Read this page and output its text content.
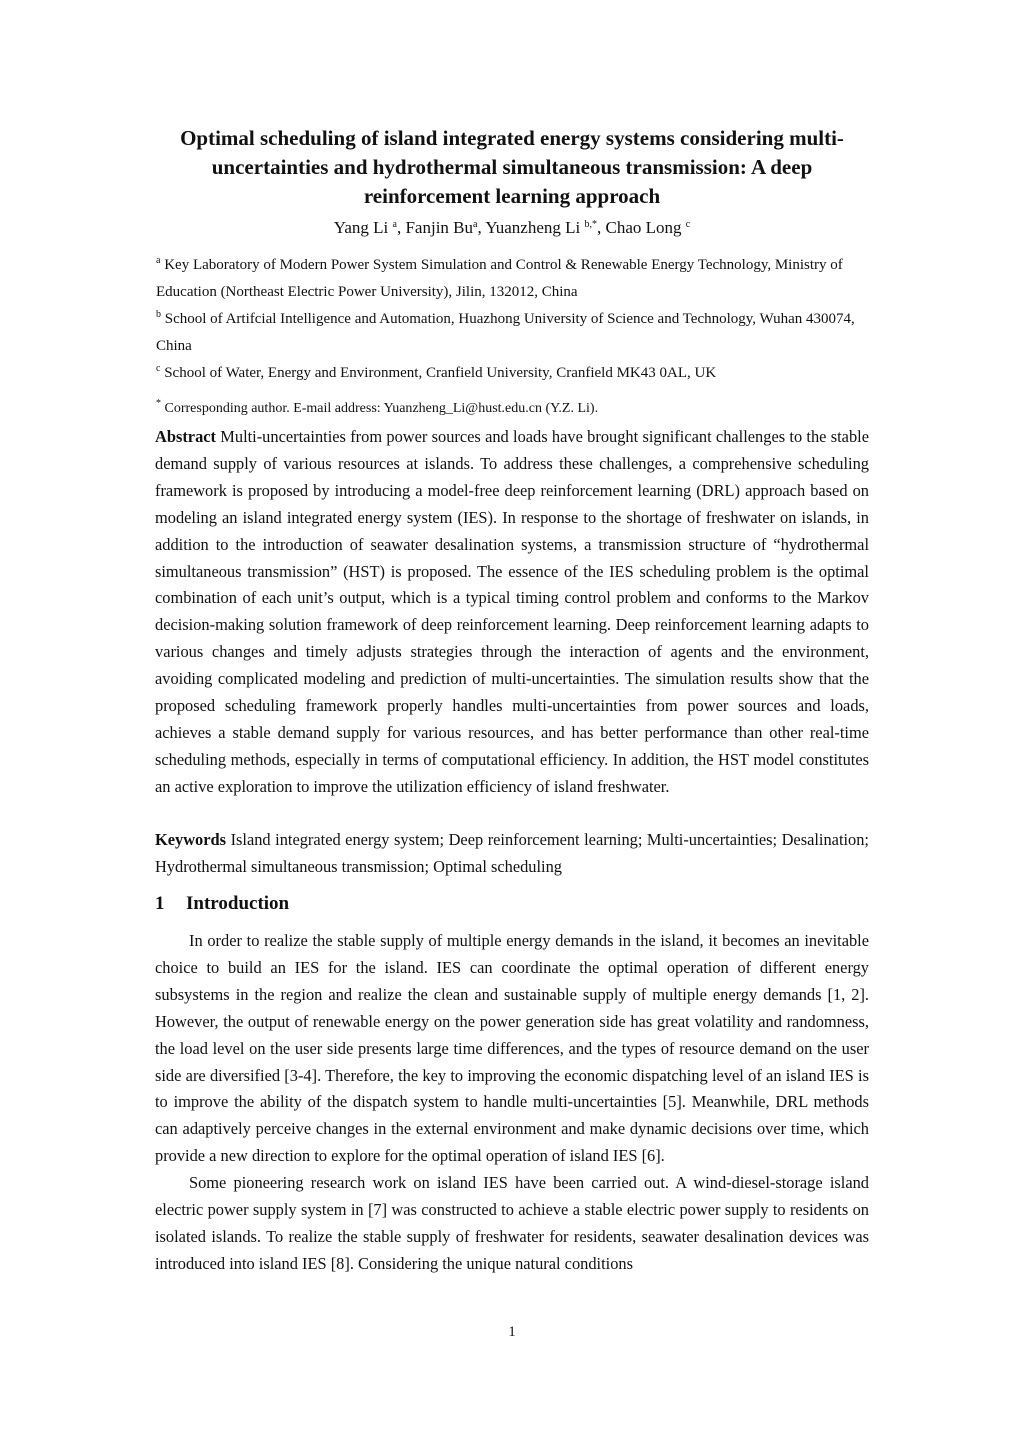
Optimal scheduling of island integrated energy systems considering multi-uncertainties and hydrothermal simultaneous transmission: A deep reinforcement learning approach
Yang Li $^a$, Fanjin Bu$^a$, Yuanzheng Li $^{b,*}$, Chao Long $^c$
$^a$ Key Laboratory of Modern Power System Simulation and Control & Renewable Energy Technology, Ministry of Education (Northeast Electric Power University), Jilin, 132012, China
$^b$ School of Artifcial Intelligence and Automation, Huazhong University of Science and Technology, Wuhan 430074, China
$^c$ School of Water, Energy and Environment, Cranfield University, Cranfield MK43 0AL, UK
* Corresponding author. E-mail address: Yuanzheng_Li@hust.edu.cn (Y.Z. Li).

Abstract Multi-uncertainties from power sources and loads have brought significant challenges to the stable demand supply of various resources at islands. To address these challenges, a comprehensive scheduling framework is proposed by introducing a model-free deep reinforcement learning (DRL) approach based on modeling an island integrated energy system (IES). In response to the shortage of freshwater on islands, in addition to the introduction of seawater desalination systems, a transmission structure of “hydrothermal simultaneous transmission” (HST) is proposed. The essence of the IES scheduling problem is the optimal combination of each unit’s output, which is a typical timing control problem and conforms to the Markov decision-making solution framework of deep reinforcement learning. Deep reinforcement learning adapts to various changes and timely adjusts strategies through the interaction of agents and the environment, avoiding complicated modeling and prediction of multi-uncertainties. The simulation results show that the proposed scheduling framework properly handles multi-uncertainties from power sources and loads, achieves a stable demand supply for various resources, and has better performance than other real-time scheduling methods, especially in terms of computational efficiency. In addition, the HST model constitutes an active exploration to improve the utilization efficiency of island freshwater.

Keywords Island integrated energy system; Deep reinforcement learning; Multi-uncertainties; Desalination; Hydrothermal simultaneous transmission; Optimal scheduling

1 Introduction

In order to realize the stable supply of multiple energy demands in the island, it becomes an inevitable choice to build an IES for the island. IES can coordinate the optimal operation of different energy subsystems in the region and realize the clean and sustainable supply of multiple energy demands [1, 2]. However, the output of renewable energy on the power generation side has great volatility and randomness, the load level on the user side presents large time differences, and the types of resource demand on the user side are diversified [3-4]. Therefore, the key to improving the economic dispatching level of an island IES is to improve the ability of the dispatch system to handle multi-uncertainties [5]. Meanwhile, DRL methods can adaptively perceive changes in the external environment and make dynamic decisions over time, which provide a new direction to explore for the optimal operation of island IES [6].

Some pioneering research work on island IES have been carried out. A wind-diesel-storage island electric power supply system in [7] was constructed to achieve a stable electric power supply to residents on isolated islands. To realize the stable supply of freshwater for residents, seawater desalination devices was introduced into island IES [8]. Considering the unique natural conditions

1
